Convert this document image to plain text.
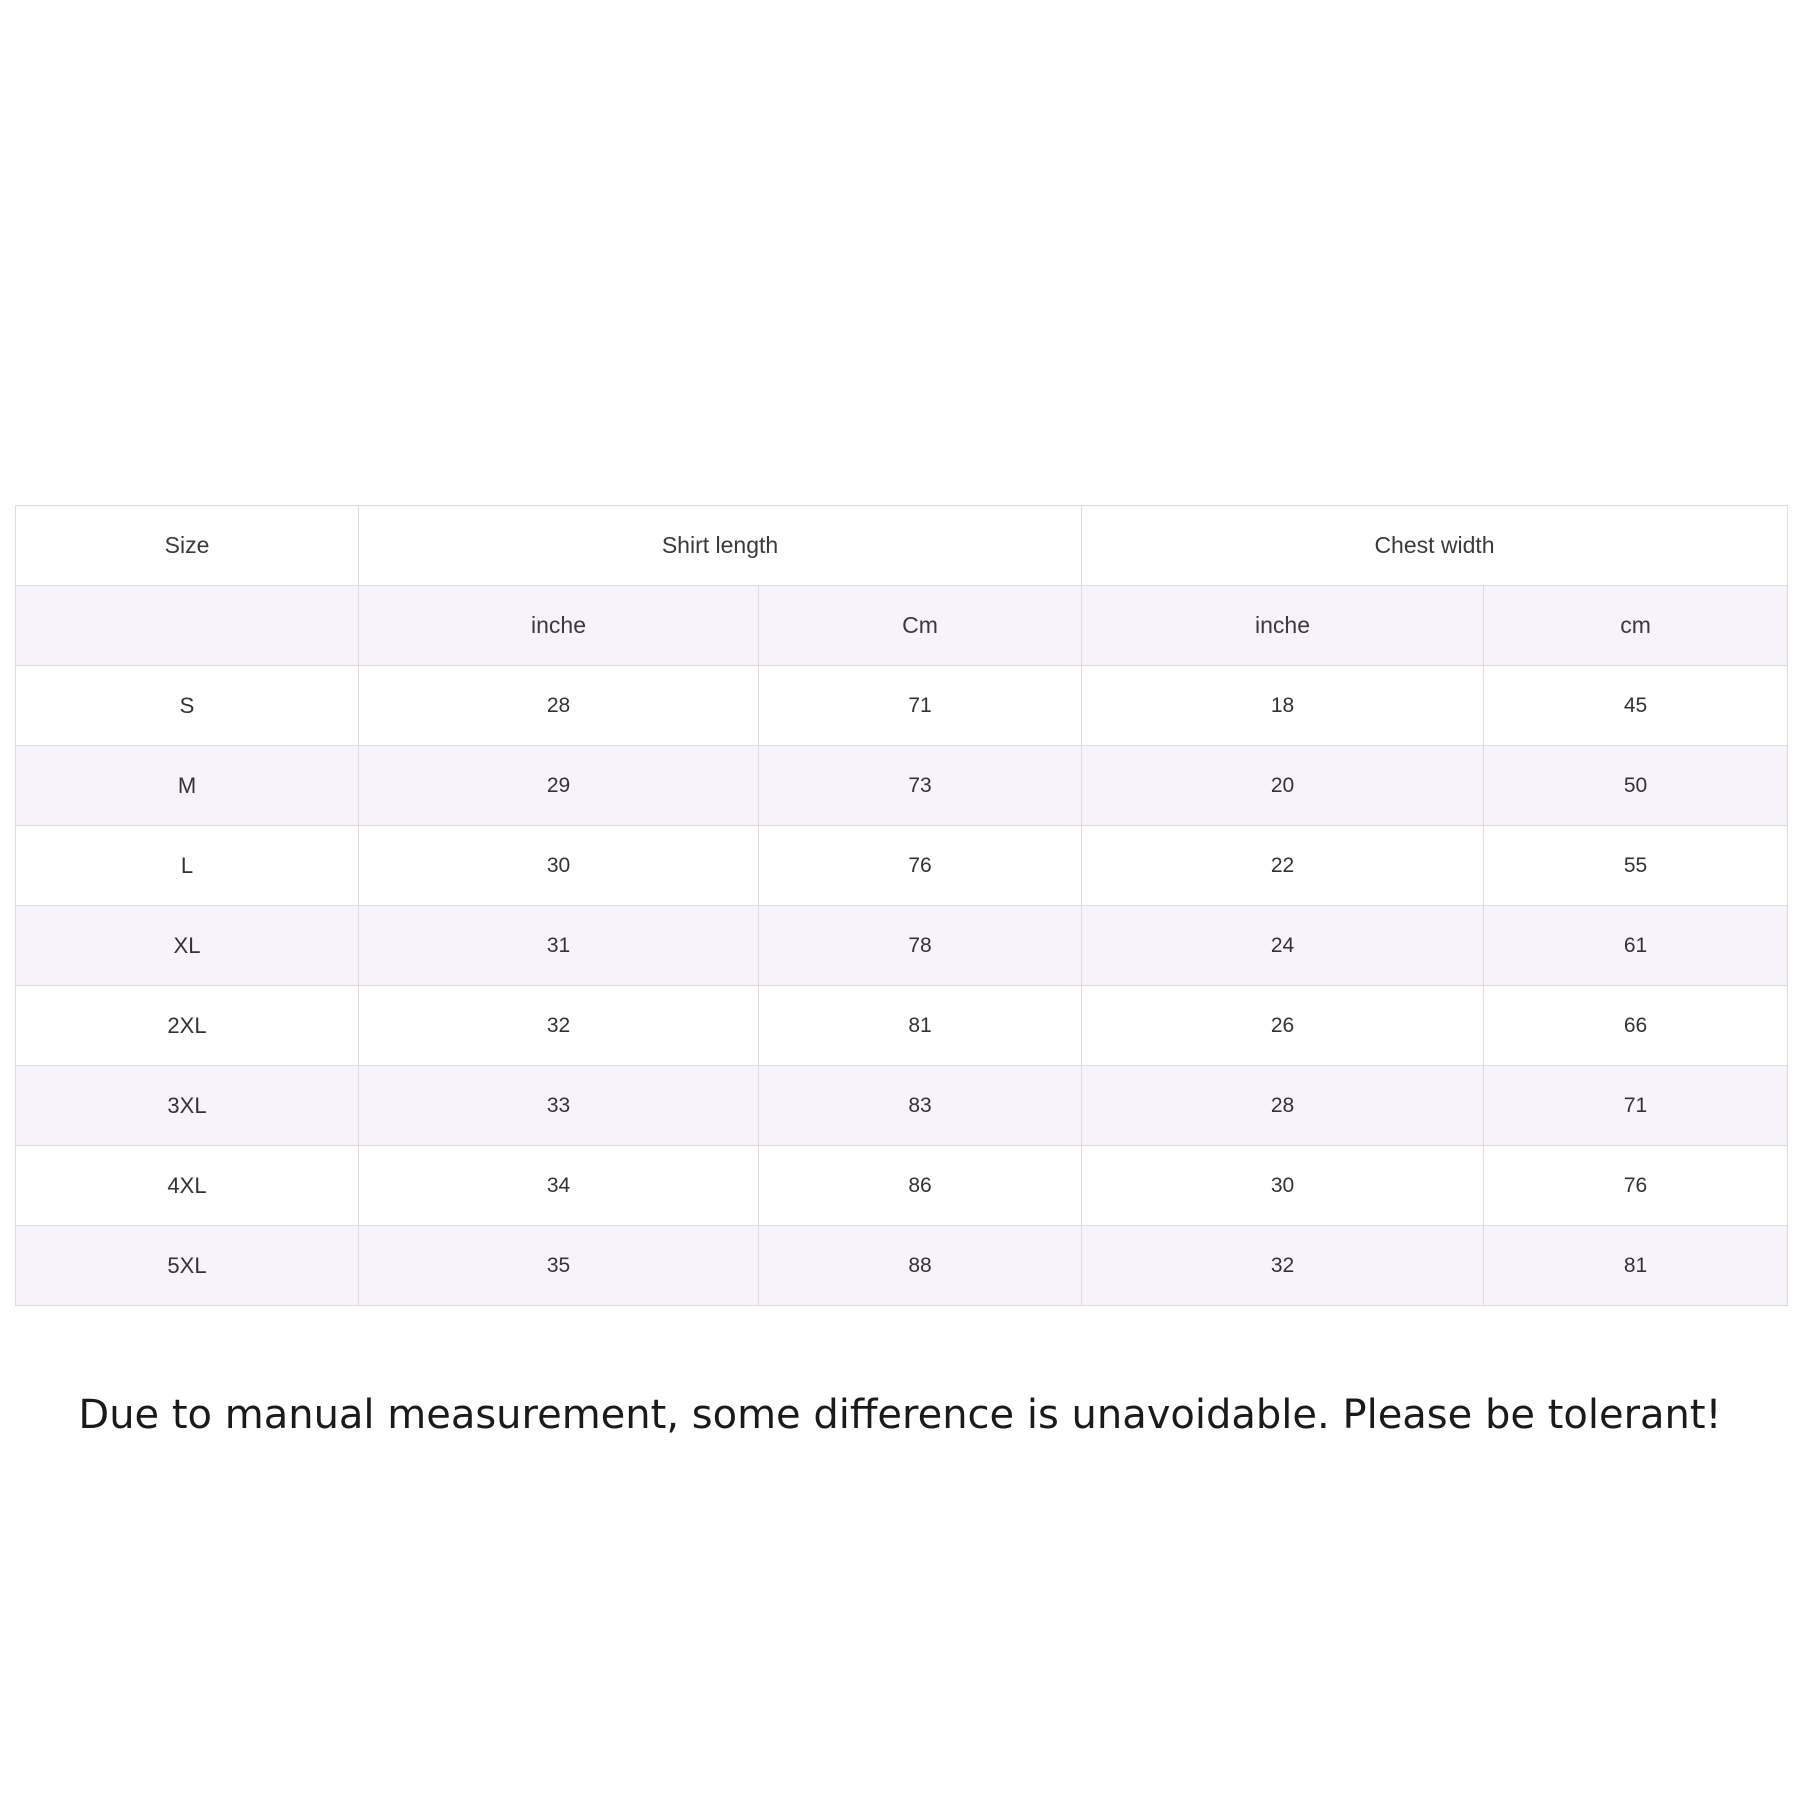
Size	Shirt length		Chest width	
	inche	Cm	inche	cm
S	28	71	18	45
M	29	73	20	50
L	30	76	22	55
XL	31	78	24	61
2XL	32	81	26	66
3XL	33	83	28	71
4XL	34	86	30	76
5XL	35	88	32	81
Due to manual measurement, some difference is unavoidable. Please be tolerant!
